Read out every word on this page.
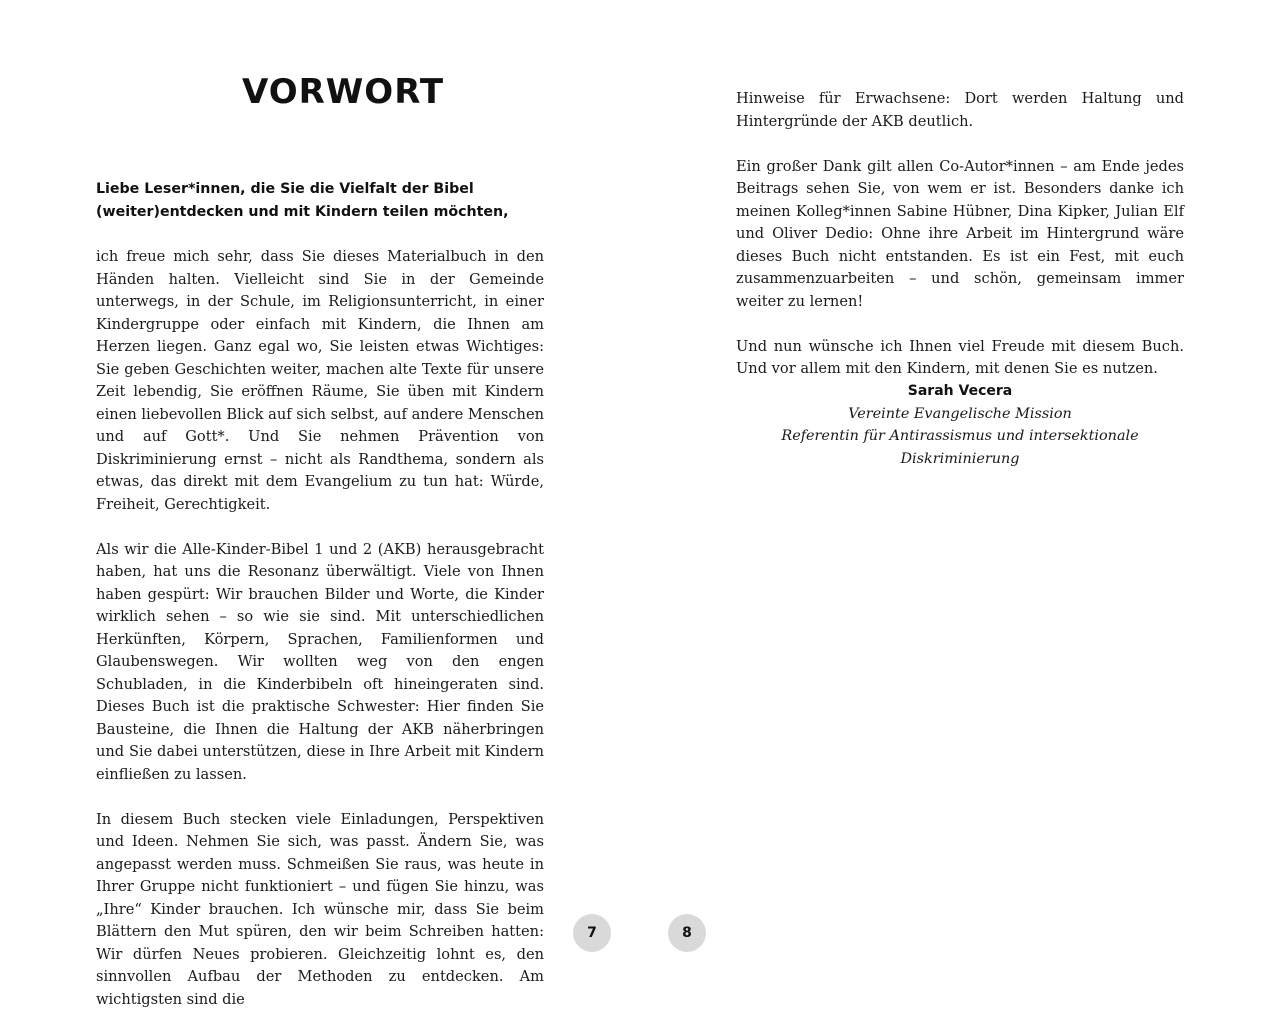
VORWORT

Liebe Leser*innen, die Sie die Vielfalt der Bibel (weiter)entdecken und mit Kindern teilen möchten,

ich freue mich sehr, dass Sie dieses Materialbuch in den Händen halten. Vielleicht sind Sie in der Gemeinde unterwegs, in der Schule, im Religionsunterricht, in einer Kindergruppe oder einfach mit Kindern, die Ihnen am Herzen liegen. Ganz egal wo, Sie leisten etwas Wichtiges: Sie geben Geschichten weiter, machen alte Texte für unsere Zeit lebendig, Sie eröffnen Räume, Sie üben mit Kindern einen liebevollen Blick auf sich selbst, auf andere Menschen und auf Gott*. Und Sie nehmen Prävention von Diskriminierung ernst – nicht als Randthema, sondern als etwas, das direkt mit dem Evangelium zu tun hat: Würde, Freiheit, Gerechtigkeit.

Als wir die Alle-Kinder-Bibel 1 und 2 (AKB) herausgebracht haben, hat uns die Resonanz überwältigt. Viele von Ihnen haben gespürt: Wir brauchen Bilder und Worte, die Kinder wirklich sehen – so wie sie sind. Mit unterschiedlichen Herkünften, Körpern, Sprachen, Familienformen und Glaubenswegen. Wir wollten weg von den engen Schubladen, in die Kinderbibeln oft hineingeraten sind. Dieses Buch ist die praktische Schwester: Hier finden Sie Bausteine, die Ihnen die Haltung der AKB näherbringen und Sie dabei unterstützen, diese in Ihre Arbeit mit Kindern einfließen zu lassen.

In diesem Buch stecken viele Einladungen, Perspektiven und Ideen. Nehmen Sie sich, was passt. Ändern Sie, was angepasst werden muss. Schmeißen Sie raus, was heute in Ihrer Gruppe nicht funktioniert – und fügen Sie hinzu, was „Ihre“ Kinder brauchen. Ich wünsche mir, dass Sie beim Blättern den Mut spüren, den wir beim Schreiben hatten: Wir dürfen Neues probieren. Gleichzeitig lohnt es, den sinnvollen Aufbau der Methoden zu entdecken. Am wichtigsten sind die

Hinweise für Erwachsene: Dort werden Haltung und Hintergründe der AKB deutlich.

Ein großer Dank gilt allen Co-Autor*innen – am Ende jedes Beitrags sehen Sie, von wem er ist. Besonders danke ich meinen Kolleg*innen Sabine Hübner, Dina Kipker, Julian Elf und Oliver Dedio: Ohne ihre Arbeit im Hintergrund wäre dieses Buch nicht entstanden. Es ist ein Fest, mit euch zusammenzuarbeiten – und schön, gemeinsam immer weiter zu lernen!

Und nun wünsche ich Ihnen viel Freude mit diesem Buch. Und vor allem mit den Kindern, mit denen Sie es nutzen.

Sarah Vecera
Vereinte Evangelische Mission
Referentin für Antirassismus und intersektionale Diskriminierung
7	8
